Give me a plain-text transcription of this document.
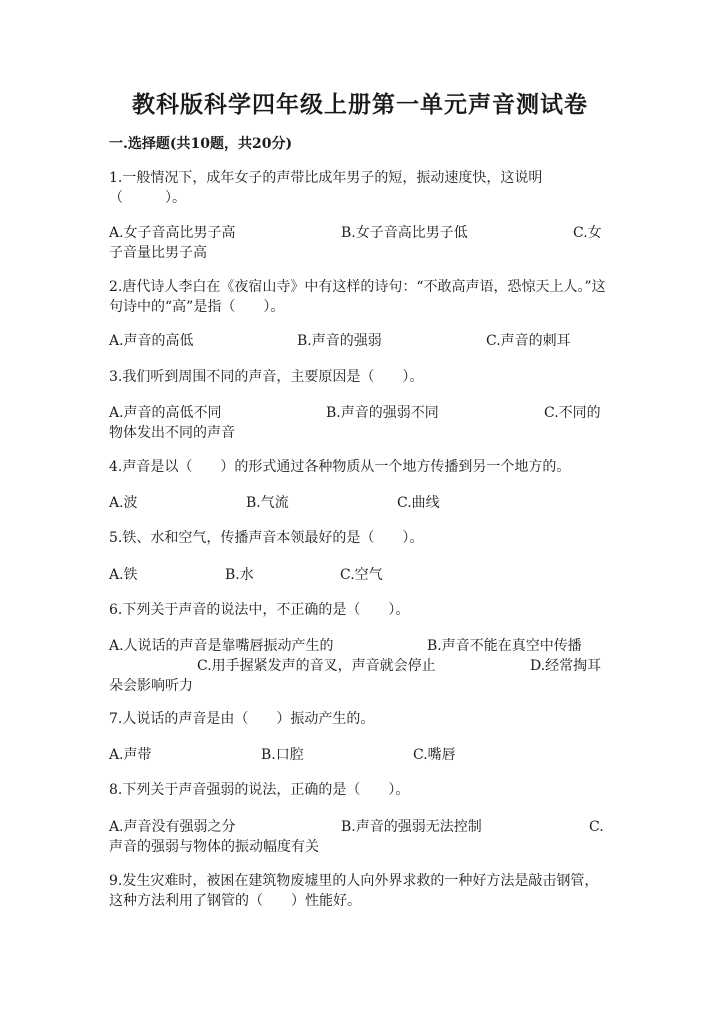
教科版科学四年级上册第一单元声音测试卷
一.选择题(共10题，共20分)
1.一般情况下，成年女子的声带比成年男子的短，振动速度快，这说明（　　　）。
A.女子音高比男子高	B.女子音高比男子低	C.女
子音量比男子高
2.唐代诗人李白在《夜宿山寺》中有这样的诗句：“不敢高声语，恐惊天上人。”这句诗中的“高”是指（　　）。
A.声音的高低	B.声音的强弱	C.声音的刺耳
3.我们听到周围不同的声音，主要原因是（　　）。
A.声音的高低不同	B.声音的强弱不同	C.不同的
物体发出不同的声音
4.声音是以（　　）的形式通过各种物质从一个地方传播到另一个地方的。
A.波	B.气流	C.曲线
5.铁、水和空气，传播声音本领最好的是（　　）。
A.铁	B.水	C.空气
6.下列关于声音的说法中，不正确的是（　　）。
A.人说话的声音是靠嘴唇振动产生的	B.声音不能在真空中传播
C.用手握紧发声的音叉，声音就会停止	D.经常掏耳
朵会影响听力
7.人说话的声音是由（　　）振动产生的。
A.声带	B.口腔	C.嘴唇
8.下列关于声音强弱的说法，正确的是（　　）。
A.声音没有强弱之分	B.声音的强弱无法控制	C.
声音的强弱与物体的振动幅度有关
9.发生灾难时，被困在建筑物废墟里的人向外界求救的一种好方法是敲击钢管，这种方法利用了钢管的（　　）性能好。
